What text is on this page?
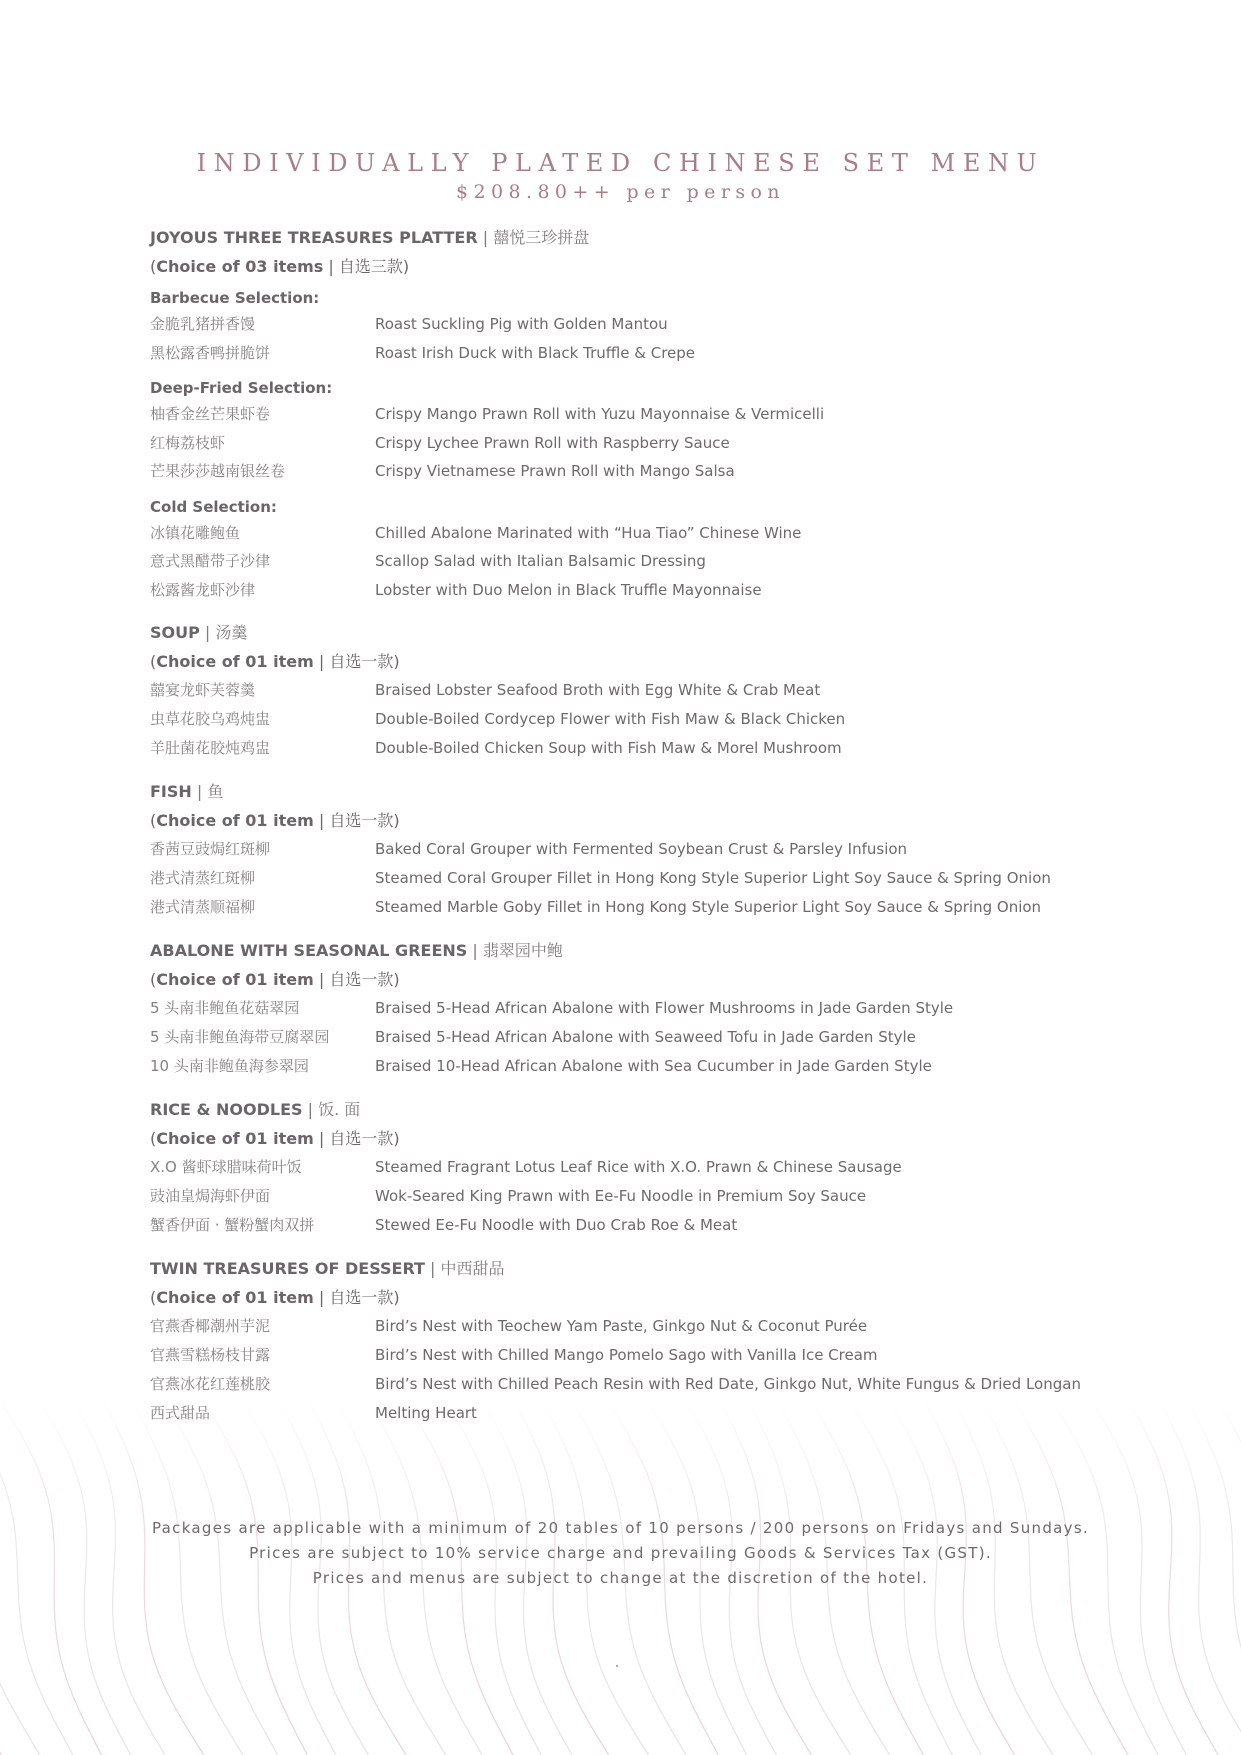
INDIVIDUALLY PLATED CHINESE SET MENU
$208.80++ per person
JOYOUS THREE TREASURES PLATTER | 囍悦三珍拼盘
(Choice of 03 items | 自选三款)
Barbecue Selection:
金脆乳猪拼香馒	Roast Suckling Pig with Golden Mantou
黑松露香鸭拼脆饼	Roast Irish Duck with Black Truffle & Crepe
Deep-Fried Selection:
柚香金丝芒果虾卷	Crispy Mango Prawn Roll with Yuzu Mayonnaise & Vermicelli
红梅荔枝虾	Crispy Lychee Prawn Roll with Raspberry Sauce
芒果莎莎越南银丝卷	Crispy Vietnamese Prawn Roll with Mango Salsa
Cold Selection:
冰镇花雕鲍鱼	Chilled Abalone Marinated with “Hua Tiao” Chinese Wine
意式黑醋带子沙律	Scallop Salad with Italian Balsamic Dressing
松露酱龙虾沙律	Lobster with Duo Melon in Black Truffle Mayonnaise
SOUP | 汤羹
(Choice of 01 item | 自选一款)
囍宴龙虾芙蓉羹	Braised Lobster Seafood Broth with Egg White & Crab Meat
虫草花胶乌鸡炖盅	Double-Boiled Cordycep Flower with Fish Maw & Black Chicken
羊肚菌花胶炖鸡盅	Double-Boiled Chicken Soup with Fish Maw & Morel Mushroom
FISH | 鱼
(Choice of 01 item | 自选一款)
香茜豆豉焗红斑柳	Baked Coral Grouper with Fermented Soybean Crust & Parsley Infusion
港式清蒸红斑柳	Steamed Coral Grouper Fillet in Hong Kong Style Superior Light Soy Sauce & Spring Onion
港式清蒸顺福柳	Steamed Marble Goby Fillet in Hong Kong Style Superior Light Soy Sauce & Spring Onion
ABALONE WITH SEASONAL GREENS | 翡翠园中鲍
(Choice of 01 item | 自选一款)
5 头南非鲍鱼花菇翠园	Braised 5-Head African Abalone with Flower Mushrooms in Jade Garden Style
5 头南非鲍鱼海带豆腐翠园	Braised 5-Head African Abalone with Seaweed Tofu in Jade Garden Style
10 头南非鲍鱼海参翠园	Braised 10-Head African Abalone with Sea Cucumber in Jade Garden Style
RICE & NOODLES | 饭. 面
(Choice of 01 item | 自选一款)
X.O 酱虾球腊味荷叶饭	Steamed Fragrant Lotus Leaf Rice with X.O. Prawn & Chinese Sausage
豉油皇焗海虾伊面	Wok-Seared King Prawn with Ee-Fu Noodle in Premium Soy Sauce
蟹香伊面 · 蟹粉蟹肉双拼	Stewed Ee-Fu Noodle with Duo Crab Roe & Meat
TWIN TREASURES OF DESSERT | 中西甜品
(Choice of 01 item | 自选一款)
官燕香椰潮州芋泥	Bird’s Nest with Teochew Yam Paste, Ginkgo Nut & Coconut Purée
官燕雪糕杨枝甘露	Bird’s Nest with Chilled Mango Pomelo Sago with Vanilla Ice Cream
官燕冰花红莲桃胶	Bird’s Nest with Chilled Peach Resin with Red Date, Ginkgo Nut, White Fungus & Dried Longan
西式甜品	Melting Heart
Packages are applicable with a minimum of 20 tables of 10 persons / 200 persons on Fridays and Sundays.
Prices are subject to 10% service charge and prevailing Goods & Services Tax (GST).
Prices and menus are subject to change at the discretion of the hotel.
